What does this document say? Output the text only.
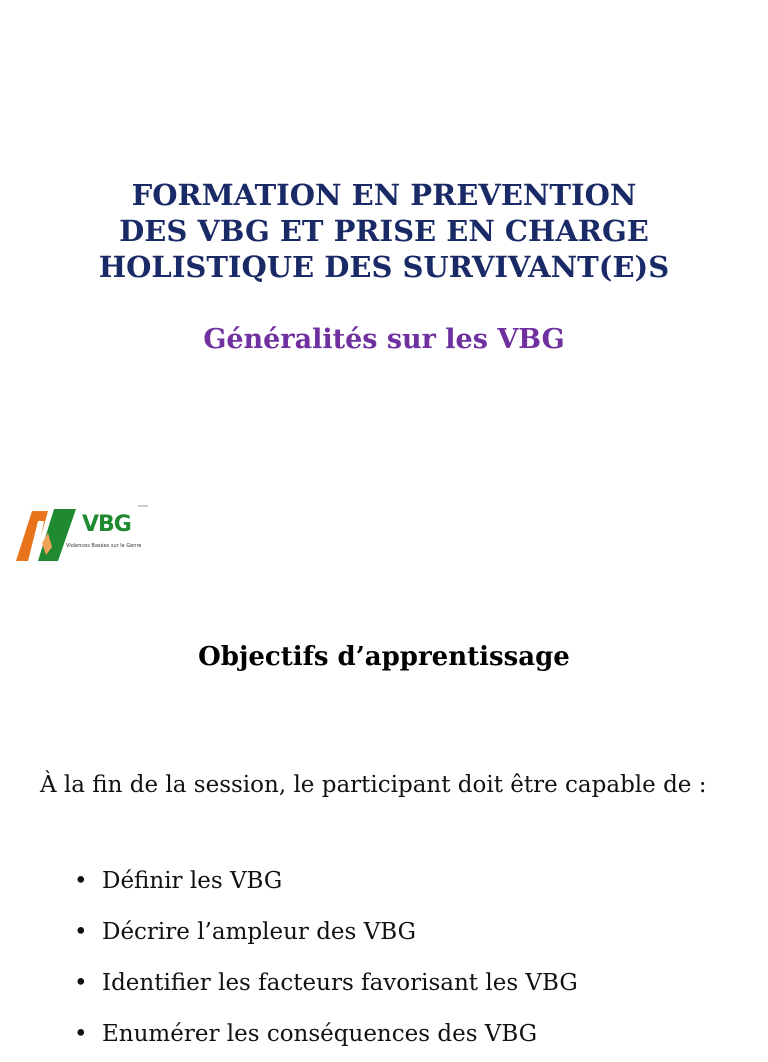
FORMATION EN PREVENTION
DES VBG ET PRISE EN CHARGE
HOLISTIQUE DES SURVIVANT(E)S
Généralités sur les VBG
VBG
Violences Basées sur le Genre
Objectifs d’apprentissage

À la fin de la session, le participant doit être capable de :

• Définir les VBG
• Décrire l’ampleur des VBG
• Identifier les facteurs favorisant les VBG
• Enumérer les conséquences des VBG
